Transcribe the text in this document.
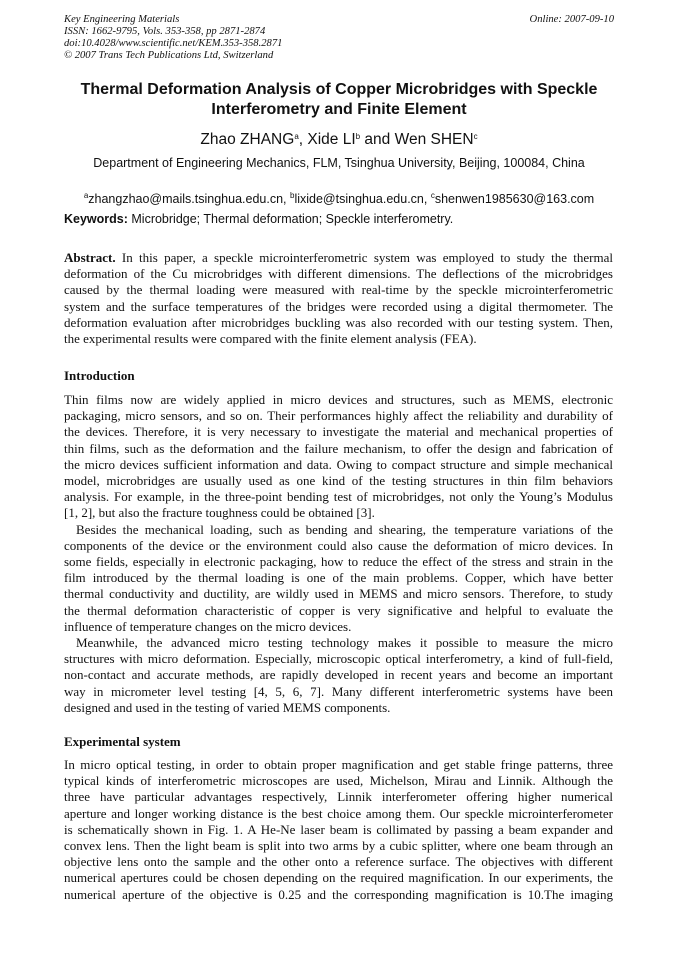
Key Engineering Materials
ISSN: 1662-9795, Vols. 353-358, pp 2871-2874
doi:10.4028/www.scientific.net/KEM.353-358.2871
© 2007 Trans Tech Publications Ltd, Switzerland
Online: 2007-09-10
Thermal Deformation Analysis of Copper Microbridges with Speckle
Interferometry and Finite Element
Zhao ZHANG$^a$, Xide $LI^b$ and Wen SHEN$^c$
Department of Engineering Mechanics, FLM, Tsinghua University, Beijing, 100084, China

$^a$zhangzhao@mails.tsinghua.edu.cn, $^b$lixide@tsinghua.edu.cn, $^c$shenwen1985630@163.com
Keywords: Microbridge; Thermal deformation; Speckle interferometry.
Abstract. In this paper, a speckle microinterferometric system was employed to study the thermal
deformation of the Cu microbridges with different dimensions. The deflections of the microbridges
caused by the thermal loading were measured with real-time by the speckle microinterferometric
system and the surface temperatures of the bridges were recorded using a digital thermometer. The
deformation evaluation after microbridges buckling was also recorded with our testing system. Then,
the experimental results were compared with the finite element analysis (FEA).
Introduction
Thin films now are widely applied in micro devices and structures, such as MEMS, electronic
packaging, micro sensors, and so on. Their performances highly affect the reliability and durability of
the devices. Therefore, it is very necessary to investigate the material and mechanical properties of
thin films, such as the deformation and the failure mechanism, to offer the design and fabrication of
the micro devices sufficient information and data. Owing to compact structure and simple mechanical
model, microbridges are usually used as one kind of the testing structures in thin film behaviors
analysis. For example, in the three-point bending test of microbridges, not only the Young’s Modulus
[1, 2], but also the fracture toughness could be obtained [3].
Besides the mechanical loading, such as bending and shearing, the temperature variations of the
components of the device or the environment could also cause the deformation of micro devices. In
some fields, especially in electronic packaging, how to reduce the effect of the stress and strain in the
film introduced by the thermal loading is one of the main problems. Copper, which have better
thermal conductivity and ductility, are wildly used in MEMS and micro sensors. Therefore, to study
the thermal deformation characteristic of copper is very significative and helpful to evaluate the
influence of temperature changes on the micro devices.
Meanwhile, the advanced micro testing technology makes it possible to measure the micro
structures with micro deformation. Especially, microscopic optical interferometry, a kind of full-field,
non-contact and accurate methods, are rapidly developed in recent years and become an important
way in micrometer level testing [4, 5, 6, 7]. Many different interferometric systems have been
designed and used in the testing of varied MEMS components.
Experimental system
In micro optical testing, in order to obtain proper magnification and get stable fringe patterns, three
typical kinds of interferometric microscopes are used, Michelson, Mirau and Linnik. Although the
three have particular advantages respectively, Linnik interferometer offering higher numerical
aperture and longer working distance is the best choice among them. Our speckle microinterferometer
is schematically shown in Fig. 1. A He-Ne laser beam is collimated by passing a beam expander and
convex lens. Then the light beam is split into two arms by a cubic splitter, where one beam through an
objective lens onto the sample and the other onto a reference surface. The objectives with different
numerical apertures could be chosen depending on the required magnification. In our experiments, the
numerical aperture of the objective is 0.25 and the corresponding magnification is 10.The imaging
